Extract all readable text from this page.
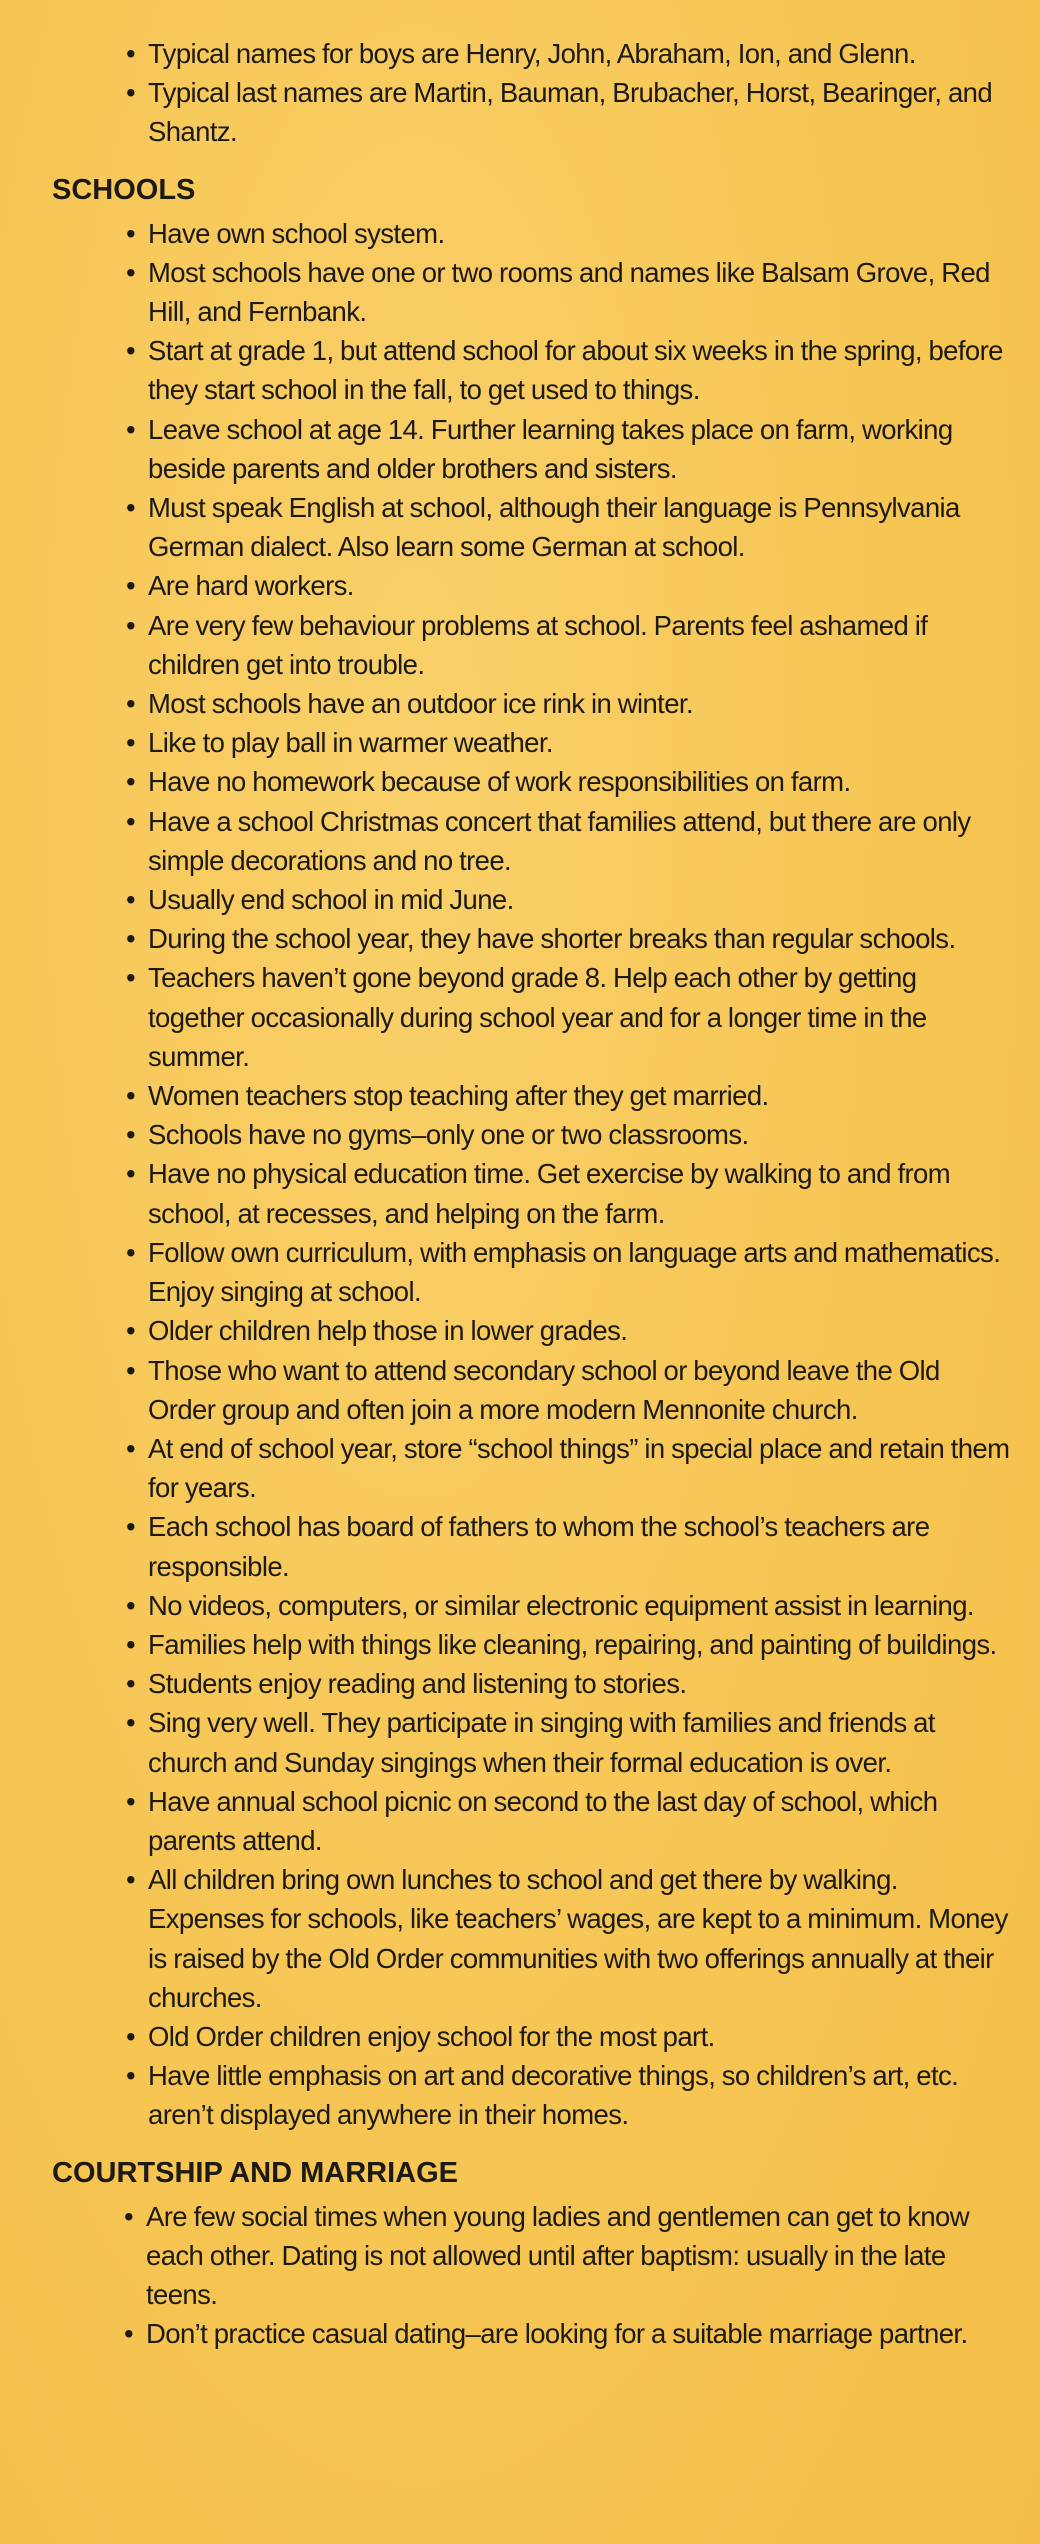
• Typical names for boys are Henry, John, Abraham, Ion, and Glenn.
• Typical last names are Martin, Bauman, Brubacher, Horst, Bearinger, and Shantz.
SCHOOLS
• Have own school system.
• Most schools have one or two rooms and names like Balsam Grove, Red Hill, and Fernbank.
• Start at grade 1, but attend school for about six weeks in the spring, before they start school in the fall, to get used to things.
• Leave school at age 14. Further learning takes place on farm, working beside parents and older brothers and sisters.
• Must speak English at school, although their language is Pennsylvania German dialect. Also learn some German at school.
• Are hard workers.
• Are very few behaviour problems at school. Parents feel ashamed if children get into trouble.
• Most schools have an outdoor ice rink in winter.
• Like to play ball in warmer weather.
• Have no homework because of work responsibilities on farm.
• Have a school Christmas concert that families attend, but there are only simple decorations and no tree.
• Usually end school in mid June.
• During the school year, they have shorter breaks than regular schools.
• Teachers haven’t gone beyond grade 8. Help each other by getting together occasionally during school year and for a longer time in the summer.
• Women teachers stop teaching after they get married.
• Schools have no gyms–only one or two classrooms.
• Have no physical education time. Get exercise by walking to and from school, at recesses, and helping on the farm.
• Follow own curriculum, with emphasis on language arts and mathematics. Enjoy singing at school.
• Older children help those in lower grades.
• Those who want to attend secondary school or beyond leave the Old Order group and often join a more modern Mennonite church.
• At end of school year, store “school things” in special place and retain them for years.
• Each school has board of fathers to whom the school’s teachers are responsible.
• No videos, computers, or similar electronic equipment assist in learning.
• Families help with things like cleaning, repairing, and painting of buildings.
• Students enjoy reading and listening to stories.
• Sing very well. They participate in singing with families and friends at church and Sunday singings when their formal education is over.
• Have annual school picnic on second to the last day of school, which parents attend.
• All children bring own lunches to school and get there by walking. Expenses for schools, like teachers’ wages, are kept to a minimum. Money is raised by the Old Order communities with two offerings annually at their churches.
• Old Order children enjoy school for the most part.
• Have little emphasis on art and decorative things, so children’s art, etc. aren’t displayed anywhere in their homes.
COURTSHIP AND MARRIAGE
• Are few social times when young ladies and gentlemen can get to know each other. Dating is not allowed until after baptism: usually in the late teens.
• Don’t practice casual dating–are looking for a suitable marriage partner.
